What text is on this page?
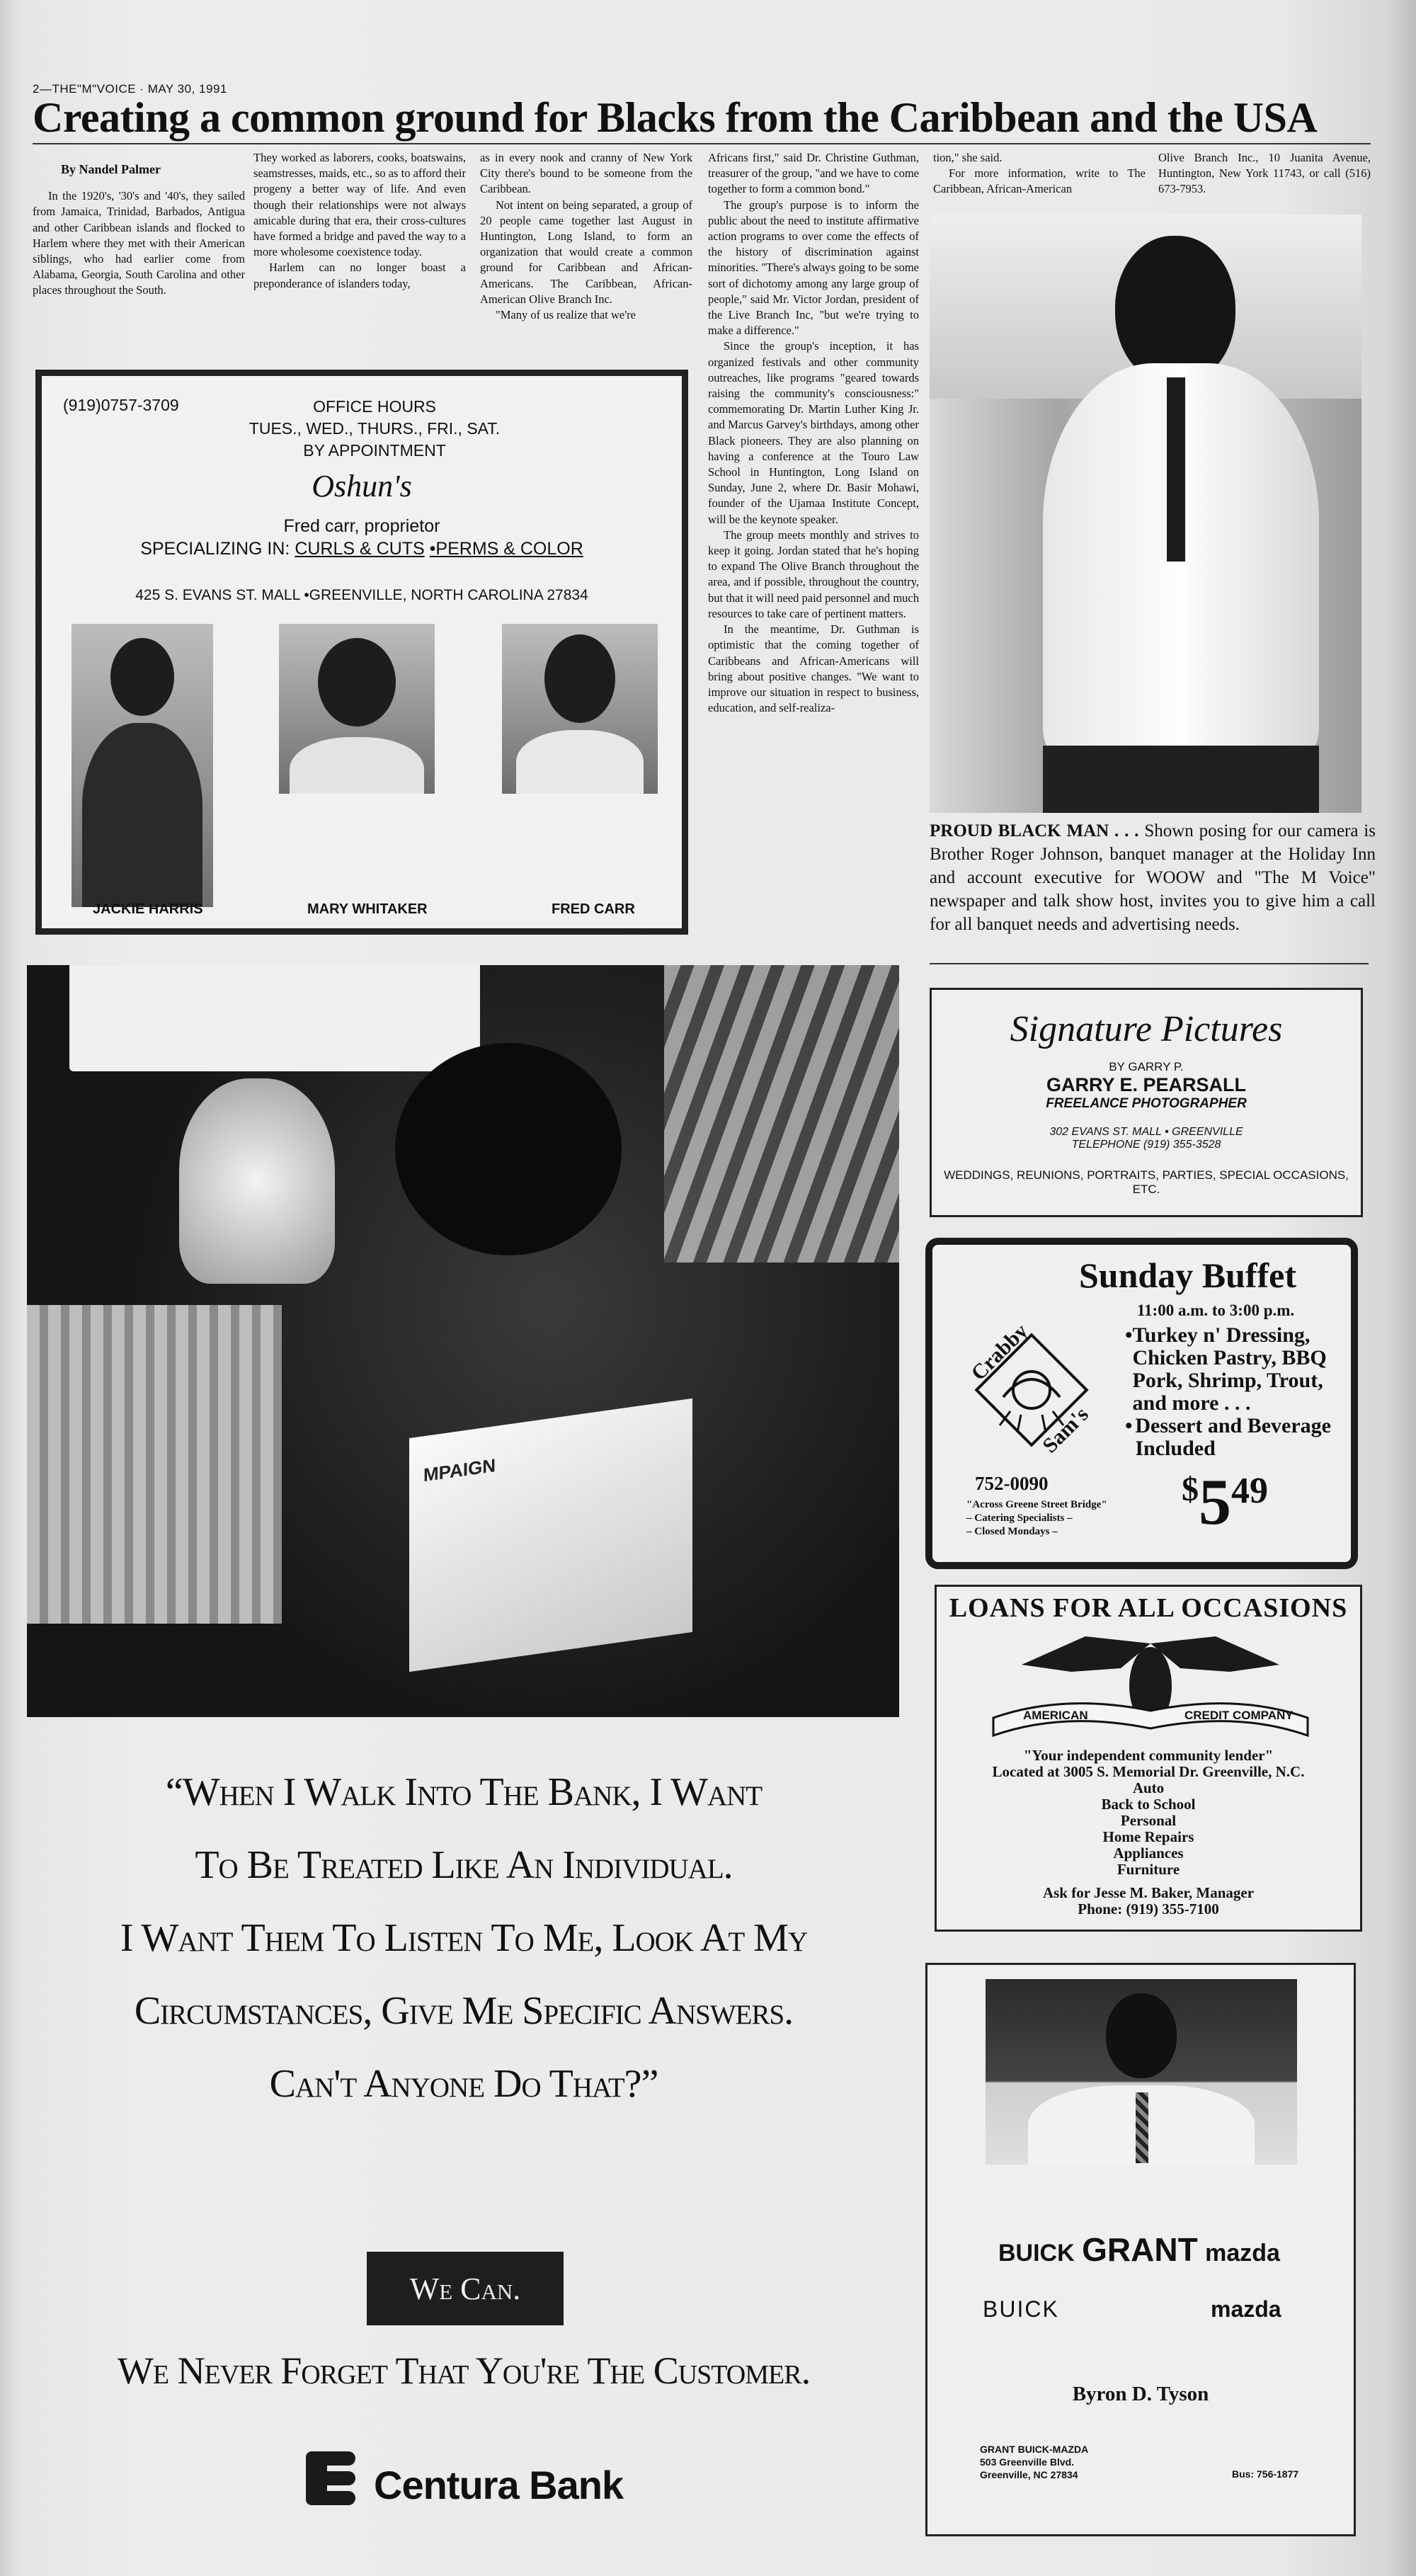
2—THE"M"VOICE · MAY 30, 1991
Creating a common ground for Blacks from the Caribbean and the USA

By Nandel Palmer

In the 1920's, '30's and '40's, they sailed from Jamaica, Trinidad, Barbados, Antigua and other Caribbean islands and flocked to Harlem where they met with their American siblings, who had earlier come from Alabama, Georgia, South Carolina and other places throughout the South.

They worked as laborers, cooks, boatswains, seamstresses, maids, etc., so as to afford their progeny a better way of life. And even though their relationships were not always amicable during that era, their cross-cultures have formed a bridge and paved the way to a more wholesome coexistence today.

Harlem can no longer boast a preponderance of islanders today,

as in every nook and cranny of New York City there's bound to be someone from the Caribbean.

Not intent on being separated, a group of 20 people came together last August in Huntington, Long Island, to form an organization that would create a common ground for Caribbean and African-Americans. The Caribbean, African-American Olive Branch Inc.

"Many of us realize that we're

Africans first," said Dr. Christine Guthman, treasurer of the group, "and we have to come together to form a common bond."

The group's purpose is to inform the public about the need to institute affirmative action programs to over come the effects of the history of discrimination against minorities. "There's always going to be some sort of dichotomy among any large group of people," said Mr. Victor Jordan, president of the Live Branch Inc, "but we're trying to make a difference."

Since the group's inception, it has organized festivals and other community outreaches, like programs "geared towards raising the community's consciousness:" commemorating Dr. Martin Luther King Jr. and Marcus Garvey's birthdays, among other Black pioneers. They are also planning on having a conference at the Touro Law School in Huntington, Long Island on Sunday, June 2, where Dr. Basir Mohawi, founder of the Ujamaa Institute Concept, will be the keynote speaker.

The group meets monthly and strives to keep it going. Jordan stated that he's hoping to expand The Olive Branch throughout the area, and if possible, throughout the country, but that it will need paid personnel and much resources to take care of pertinent matters.

In the meantime, Dr. Guthman is optimistic that the coming together of Caribbeans and African-Americans will bring about positive changes. "We want to improve our situation in respect to business, education, and self-realiza-

tion," she said.

For more information, write to The Caribbean, African-American

Olive Branch Inc., 10 Juanita Avenue, Huntington, New York 11743, or call (516) 673-7953.

(919)0757-3709	OFFICE HOURS
TUES., WED., THURS., FRI., SAT.
BY APPOINTMENT
Oshun's
Fred carr, proprietor
SPECIALIZING IN: CURLS & CUTS •PERMS & COLOR
425 S. EVANS ST. MALL •GREENVILLE, NORTH CAROLINA 27834
JACKIE HARRIS	MARY WHITAKER	FRED CARR
PROUD BLACK MAN . . . Shown posing for our camera is Brother Roger Johnson, banquet manager at the Holiday Inn and account executive for WOOW and "The M Voice" newspaper and talk show host, invites you to give him a call for all banquet needs and advertising needs.
MPAIGN
“When I Walk Into The Bank, I Want
To Be Treated Like An Individual.
I Want Them To Listen To Me, Look At My
Circumstances, Give Me Specific Answers.
Can't Anyone Do That?”
We Can.
We Never Forget That You're The Customer.
Centura Bank
Signature Pictures
BY GARRY P.
GARRY E. PEARSALL
FREELANCE PHOTOGRAPHER
302 EVANS ST. MALL • GREENVILLE
TELEPHONE (919) 355-3528
WEDDINGS, REUNIONS, PORTRAITS, PARTIES, SPECIAL OCCASIONS, ETC.
Sunday Buffet
11:00 a.m. to 3:00 p.m.
Crabby
Sam's
• Turkey n' Dressing, Chicken Pastry, BBQ Pork, Shrimp, Trout, and more . . .
• Dessert and Beverage Included
752-0090
"Across Greene Street Bridge"
– Catering Specialists –
– Closed Mondays –
$549
LOANS FOR ALL OCCASIONS
AMERICAN	CREDIT COMPANY
"Your independent community lender"
Located at 3005 S. Memorial Dr. Greenville, N.C.
Auto
Back to School
Personal
Home Repairs
Appliances
Furniture
Ask for Jesse M. Baker, Manager
Phone: (919) 355-7100
BUICK GRANT mazda
BUICK	mazda
Byron D. Tyson
GRANT BUICK-MAZDA
503 Greenville Blvd.
Greenville, NC 27834	Bus: 756-1877
